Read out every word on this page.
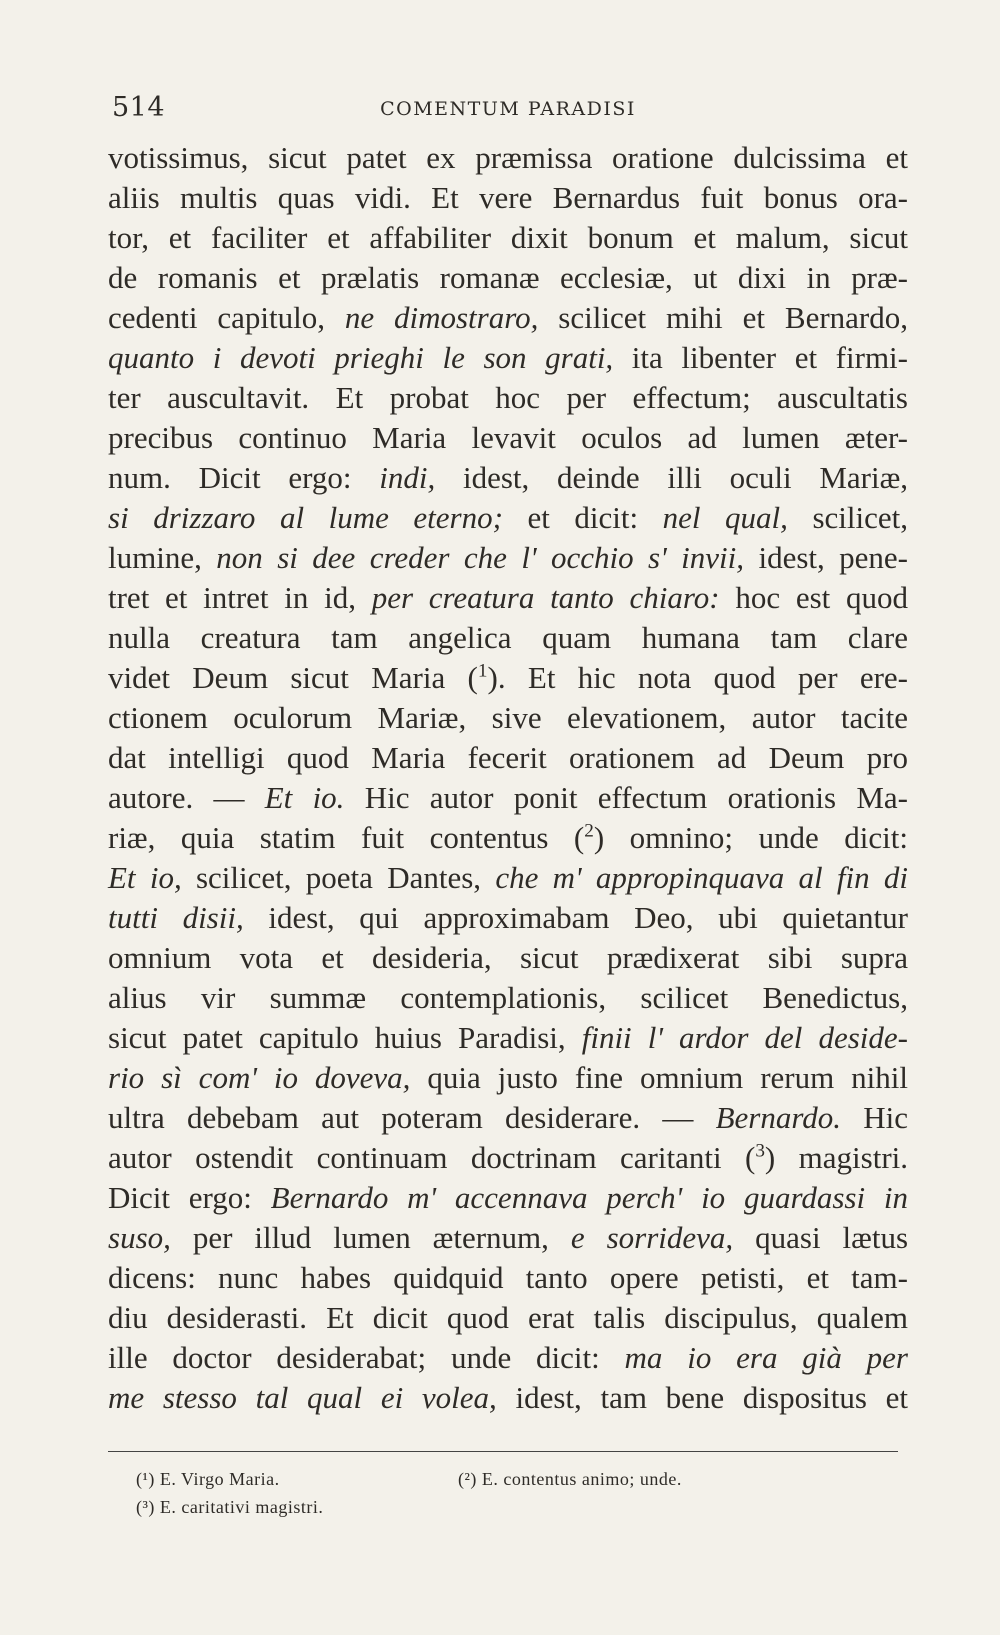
514	COMENTUM PARADISI
votissimus, sicut patet ex præmissa oratione dulcissima et
aliis multis quas vidi. Et vere Bernardus fuit bonus ora-
tor, et faciliter et affabiliter dixit bonum et malum, sicut
de romanis et prælatis romanæ ecclesiæ, ut dixi in præ-
cedenti capitulo, ne dimostraro, scilicet mihi et Bernardo,
quanto i devoti prieghi le son grati, ita libenter et firmi-
ter auscultavit. Et probat hoc per effectum; auscultatis
precibus continuo Maria levavit oculos ad lumen æter-
num. Dicit ergo: indi, idest, deinde illi oculi Mariæ,
si drizzaro al lume eterno; et dicit: nel qual, scilicet,
lumine, non si dee creder che l' occhio s' invii, idest, pene-
tret et intret in id, per creatura tanto chiaro: hoc est quod
nulla creatura tam angelica quam humana tam clare
videt Deum sicut Maria ($^1$). Et hic nota quod per ere-
ctionem oculorum Mariæ, sive elevationem, autor tacite
dat intelligi quod Maria fecerit orationem ad Deum pro
autore. — Et io. Hic autor ponit effectum orationis Ma-
riæ, quia statim fuit contentus ($^2$) omnino; unde dicit:
Et io, scilicet, poeta Dantes, che m' appropinquava al fin di
tutti disii, idest, qui approximabam Deo, ubi quietantur
omnium vota et desideria, sicut prædixerat sibi supra
alius vir summæ contemplationis, scilicet Benedictus,
sicut patet capitulo huius Paradisi, finii l' ardor del deside-
rio sì com' io doveva, quia justo fine omnium rerum nihil
ultra debebam aut poteram desiderare. — Bernardo. Hic
autor ostendit continuam doctrinam caritanti ($^3$) magistri.
Dicit ergo: Bernardo m' accennava perch' io guardassi in
suso, per illud lumen æternum, e sorrideva, quasi lætus
dicens: nunc habes quidquid tanto opere petisti, et tam-
diu desiderasti. Et dicit quod erat talis discipulus, qualem
ille doctor desiderabat; unde dicit: ma io era già per
me stesso tal qual ei volea, idest, tam bene dispositus et
(¹) E. Virgo Maria.	(²) E. contentus animo; unde.
(³) E. caritativi magistri.
